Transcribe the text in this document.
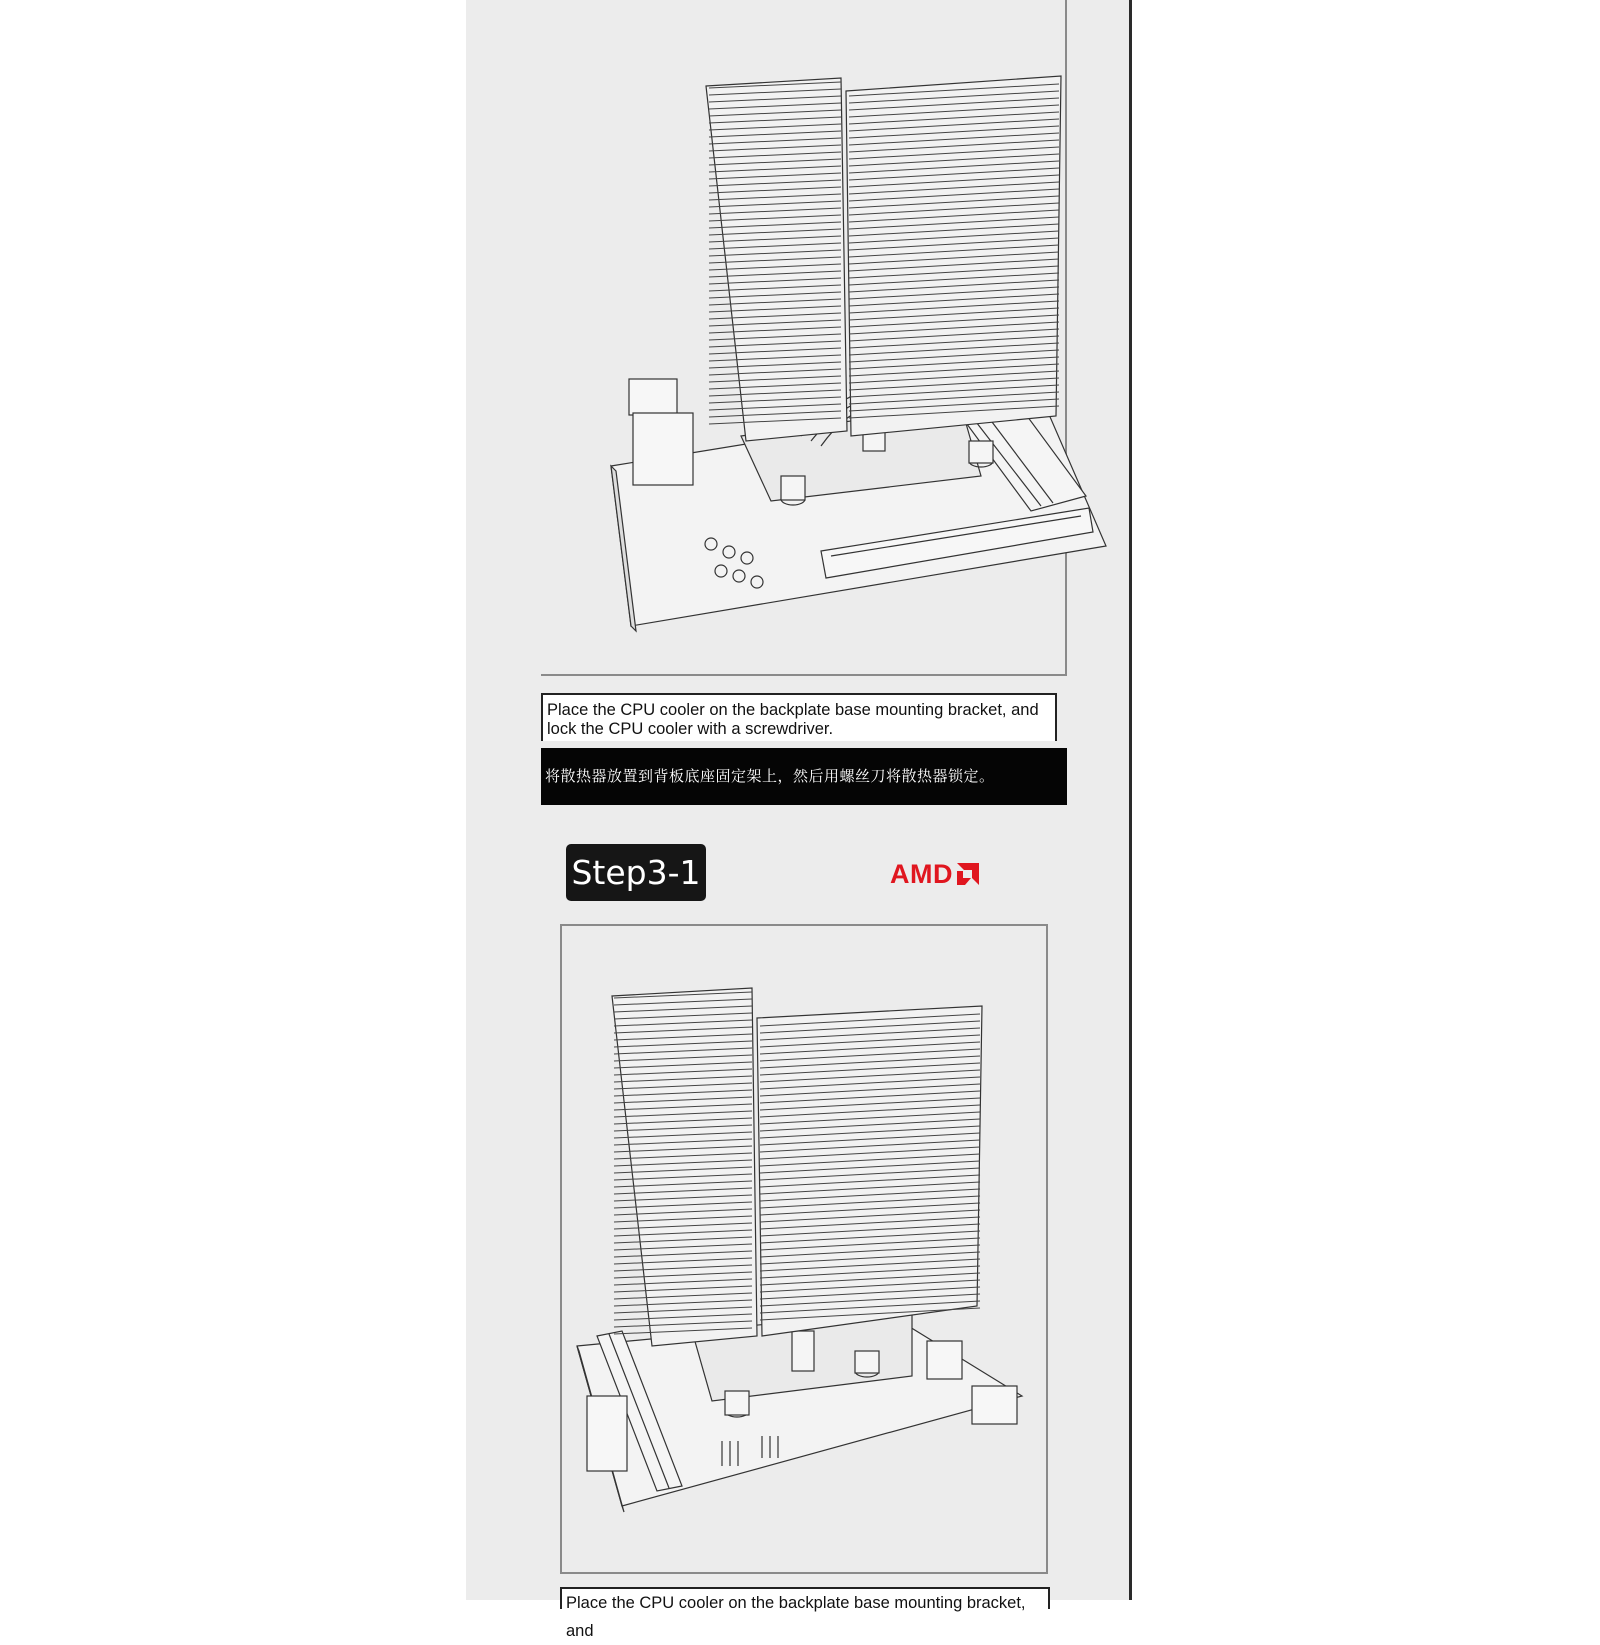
Place the CPU cooler on the backplate base mounting bracket, and lock the CPU cooler with a screwdriver.
将散热器放置到背板底座固定架上，然后用螺丝刀将散热器锁定。
Step3-1	AMD
Place the CPU cooler on the backplate base mounting bracket, and
